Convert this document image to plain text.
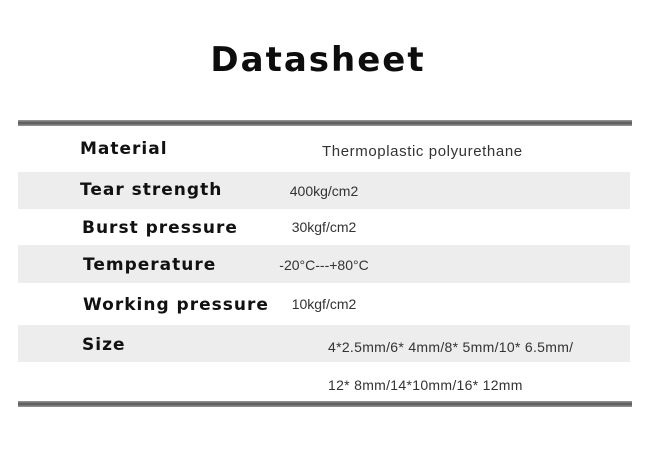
Datasheet
Material	Thermoplastic polyurethane
Tear strength	400kg/cm2
Burst pressure	30kgf/cm2
Temperature	-20°C---+80°C
Working pressure	10kgf/cm2
Size	4*2.5mm/6* 4mm/8* 5mm/10* 6.5mm/
12* 8mm/14*10mm/16* 12mm
